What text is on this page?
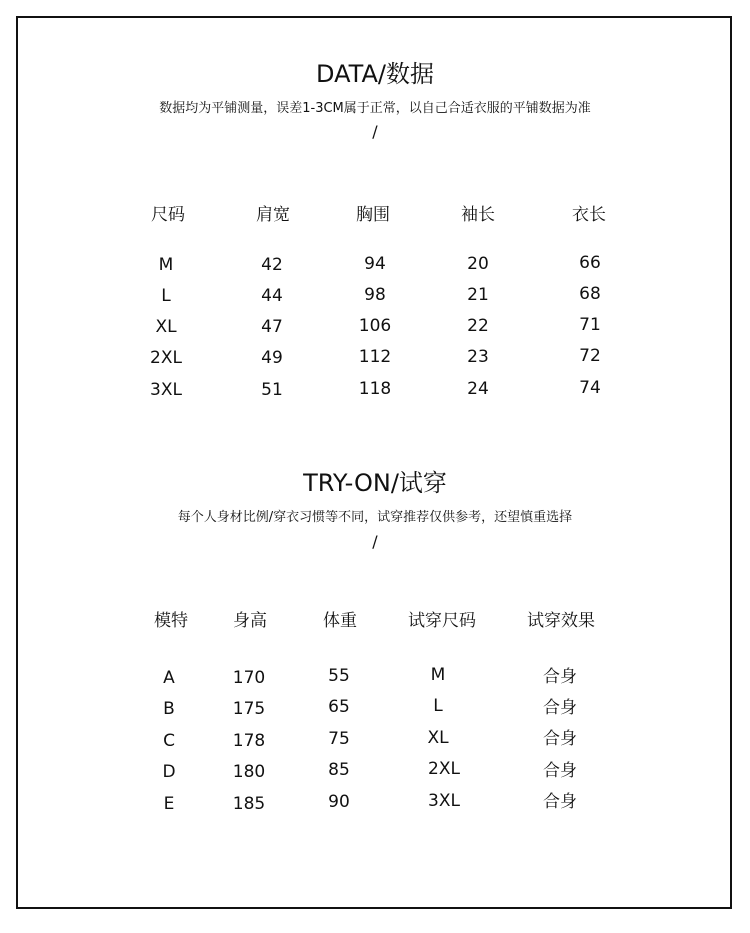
DATA/数据
数据均为平铺测量，误差1-3CM属于正常，以自己合适衣服的平铺数据为准
/
尺码	肩宽	胸围	袖长	衣长
M	42	94	20	66
L	44	98	21	68
XL	47	106	22	71
2XL	49	112	23	72
3XL	51	118	24	74
TRY-ON/试穿
每个人身材比例/穿衣习惯等不同，试穿推荐仅供参考，还望慎重选择
/
模特	身高	体重	试穿尺码	试穿效果
A	170	55	M	合身
B	175	65	L	合身
C	178	75	XL	合身
D	180	85	2XL	合身
E	185	90	3XL	合身
